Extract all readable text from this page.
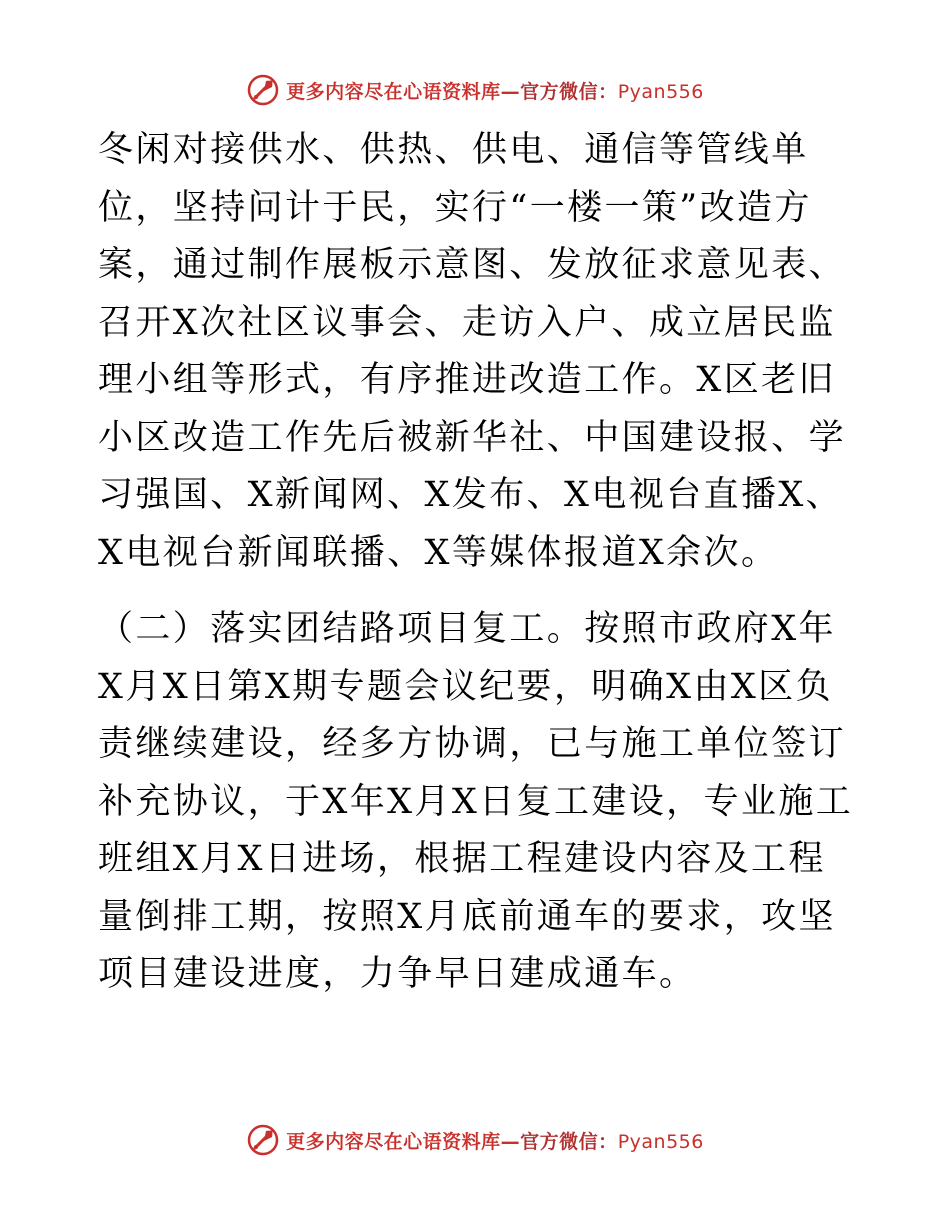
更多内容尽在心语资料库—官方微信：Pyan556

冬闲对接供水、供热、供电、通信等管线单位，坚持问计于民，实行“一楼一策”改造方案，通过制作展板示意图、发放征求意见表、召开X次社区议事会、走访入户、成立居民监理小组等形式，有序推进改造工作。X区老旧小区改造工作先后被新华社、中国建设报、学习强国、X新闻网、X发布、X电视台直播X、X电视台新闻联播、X等媒体报道X余次。

（二）落实团结路项目复工。按照市政府X年X月X日第X期专题会议纪要，明确X由X区负责继续建设，经多方协调，已与施工单位签订补充协议，于X年X月X日复工建设，专业施工班组X月X日进场，根据工程建设内容及工程量倒排工期，按照X月底前通车的要求，攻坚项目建设进度，力争早日建成通车。

更多内容尽在心语资料库—官方微信：Pyan556
